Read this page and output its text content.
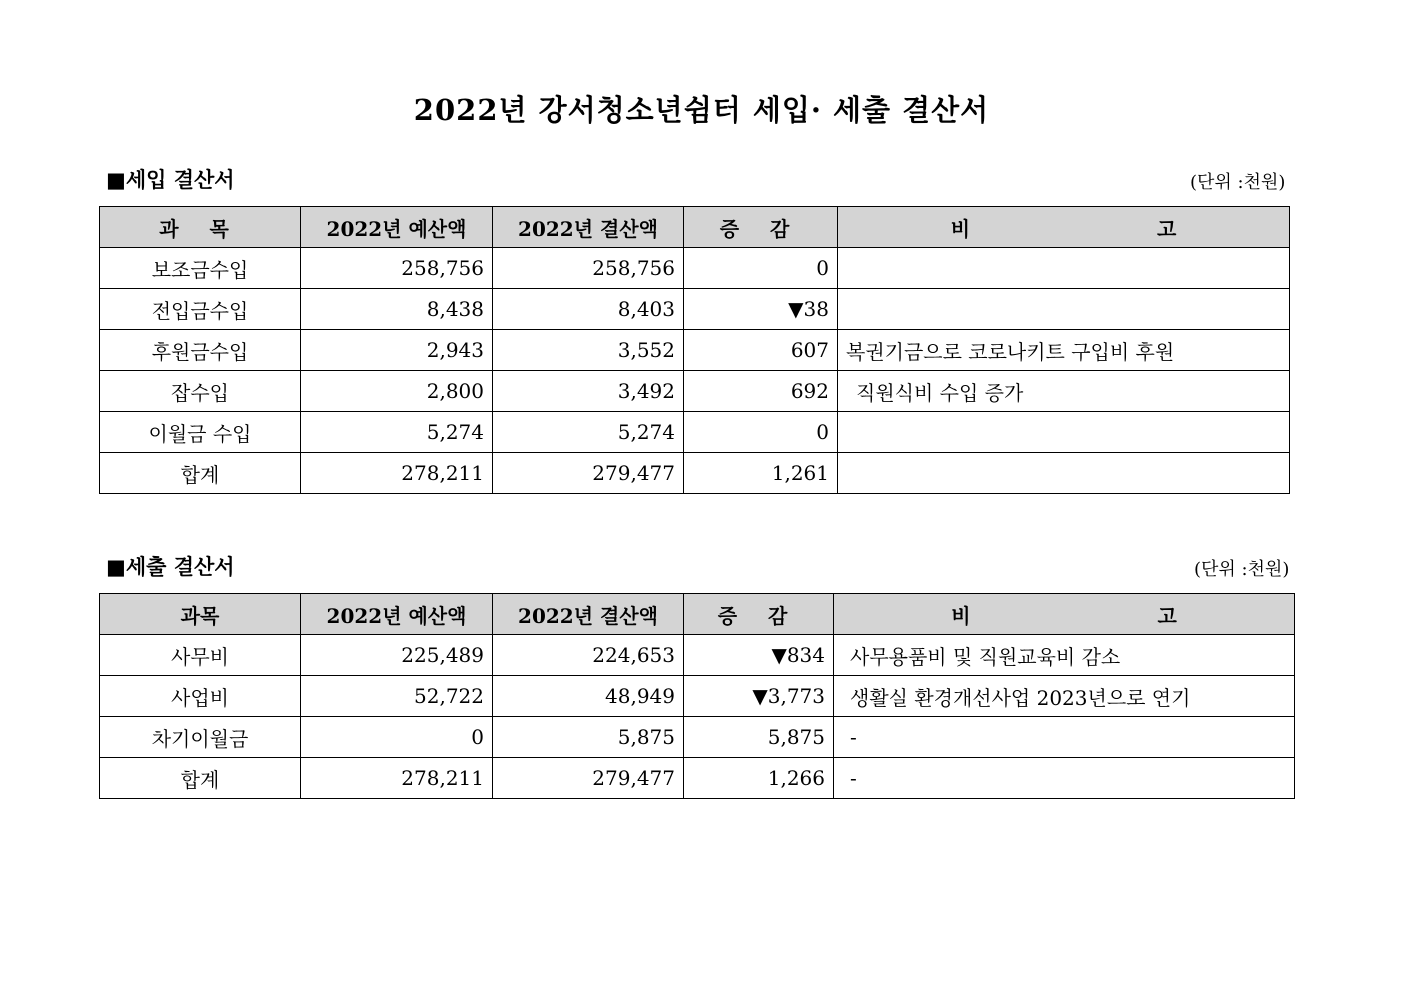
2022년 강서청소년쉼터 세입· 세출 결산서
■세입 결산서	(단위 :천원)
과 목	2022년 예산액	2022년 결산액	증 감	비 고
보조금수입	258,756	258,756	0	
전입금수입	8,438	8,403	▼38	
후원금수입	2,943	3,552	607	복권기금으로 코로나키트 구입비 후원
잡수입	2,800	3,492	692	직원식비 수입 증가
이월금 수입	5,274	5,274	0	
합계	278,211	279,477	1,261	
■세출 결산서	(단위 :천원)
과목	2022년 예산액	2022년 결산액	증 감	비 고
사무비	225,489	224,653	▼834	사무용품비 및 직원교육비 감소
사업비	52,722	48,949	▼3,773	생활실 환경개선사업 2023년으로 연기
차기이월금	0	5,875	5,875	-
합계	278,211	279,477	1,266	-
